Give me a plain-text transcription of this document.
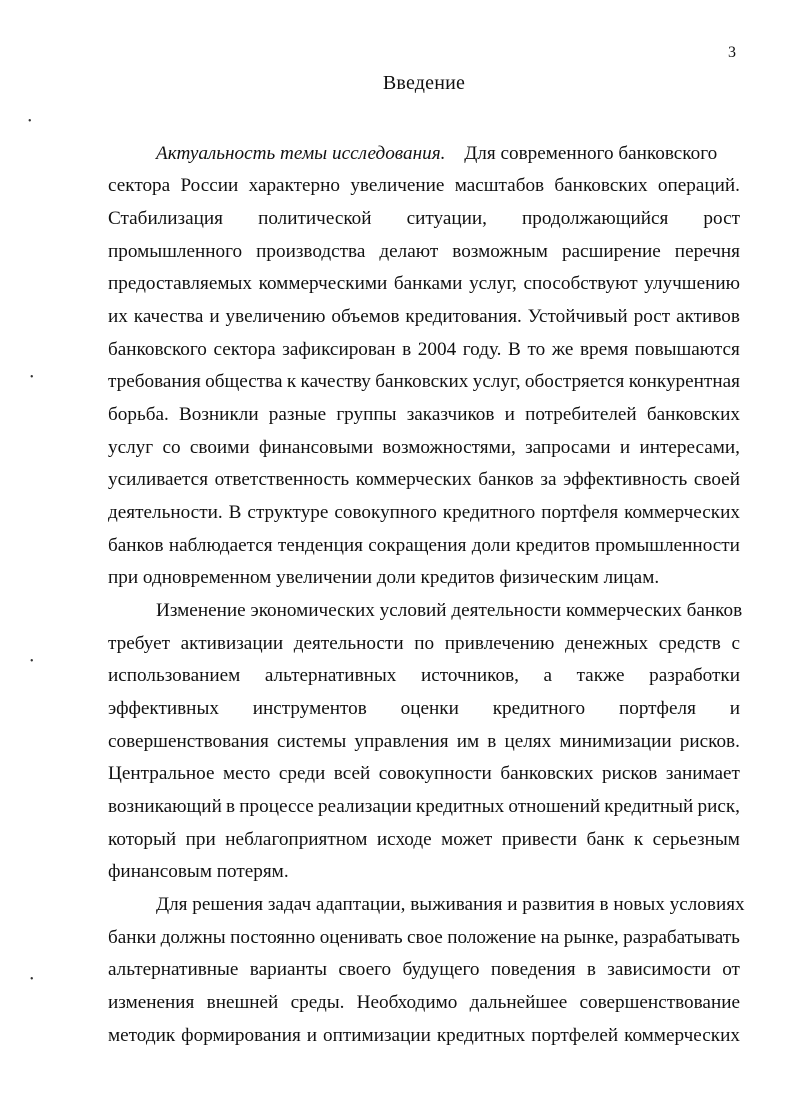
3
Введение
•
•
•
•
Актуальность темы исследования. Для современного банковского
сектора России характерно увеличение масштабов банковских операций.
Стабилизация политической ситуации, продолжающийся рост
промышленного производства делают возможным расширение перечня
предоставляемых коммерческими банками услуг, способствуют улучшению
их качества и увеличению объемов кредитования. Устойчивый рост активов
банковского сектора зафиксирован в 2004 году. В то же время повышаются
требования общества к качеству банковских услуг, обостряется конкурентная
борьба. Возникли разные группы заказчиков и потребителей банковских
услуг со своими финансовыми возможностями, запросами и интересами,
усиливается ответственность коммерческих банков за эффективность своей
деятельности. В структуре совокупного кредитного портфеля коммерческих
банков наблюдается тенденция сокращения доли кредитов промышленности
при одновременном увеличении доли кредитов физическим лицам.
Изменение экономических условий деятельности коммерческих банков
требует активизации деятельности по привлечению денежных средств с
использованием альтернативных источников, а также разработки
эффективных инструментов оценки кредитного портфеля и
совершенствования системы управления им в целях минимизации рисков.
Центральное место среди всей совокупности банковских рисков занимает
возникающий в процессе реализации кредитных отношений кредитный риск,
который при неблагоприятном исходе может привести банк к серьезным
финансовым потерям.
Для решения задач адаптации, выживания и развития в новых условиях
банки должны постоянно оценивать свое положение на рынке, разрабатывать
альтернативные варианты своего будущего поведения в зависимости от
изменения внешней среды. Необходимо дальнейшее совершенствование
методик формирования и оптимизации кредитных портфелей коммерческих
